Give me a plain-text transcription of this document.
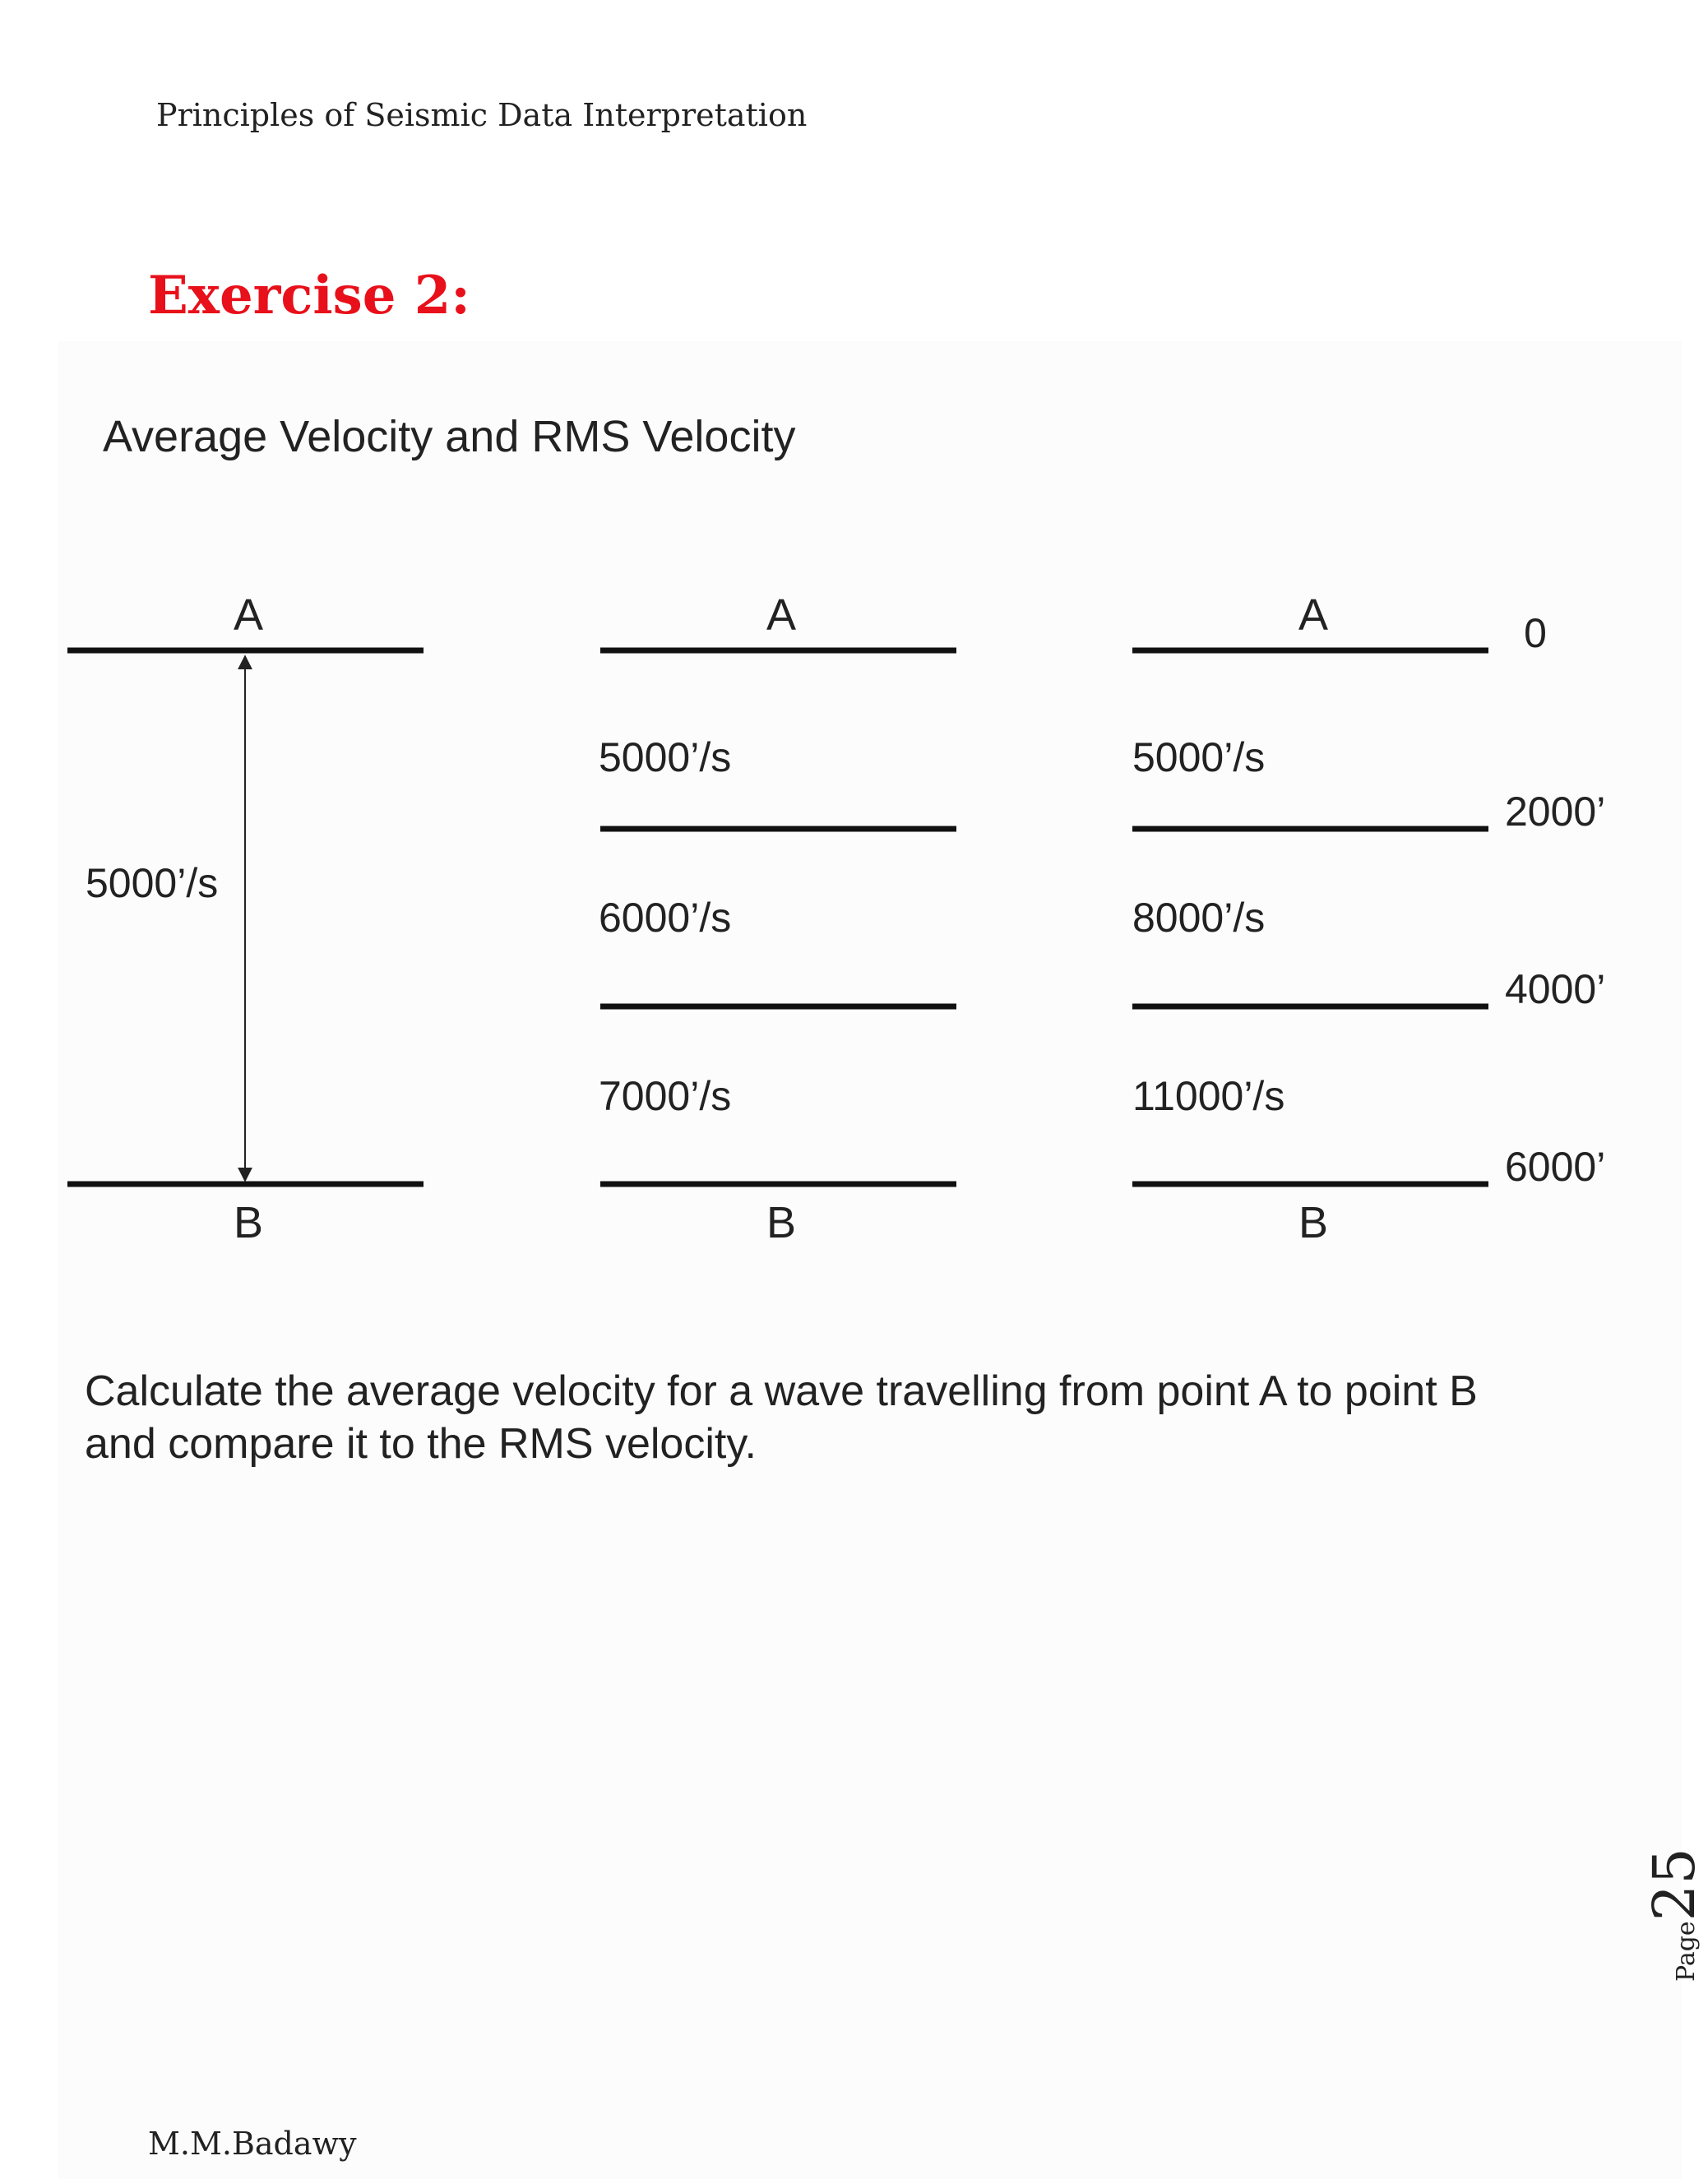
Principles of Seismic Data Interpretation
Exercise 2:
Average Velocity and RMS Velocity
A
5000’/s
B
A
5000’/s
6000’/s
7000’/s
B
A
5000’/s
8000’/s
11000’/s
B
0
2000’
4000’
6000’
Calculate the average velocity for a wave travelling from point A to point B
and compare it to the RMS velocity.
M.M.Badawy
Page25
